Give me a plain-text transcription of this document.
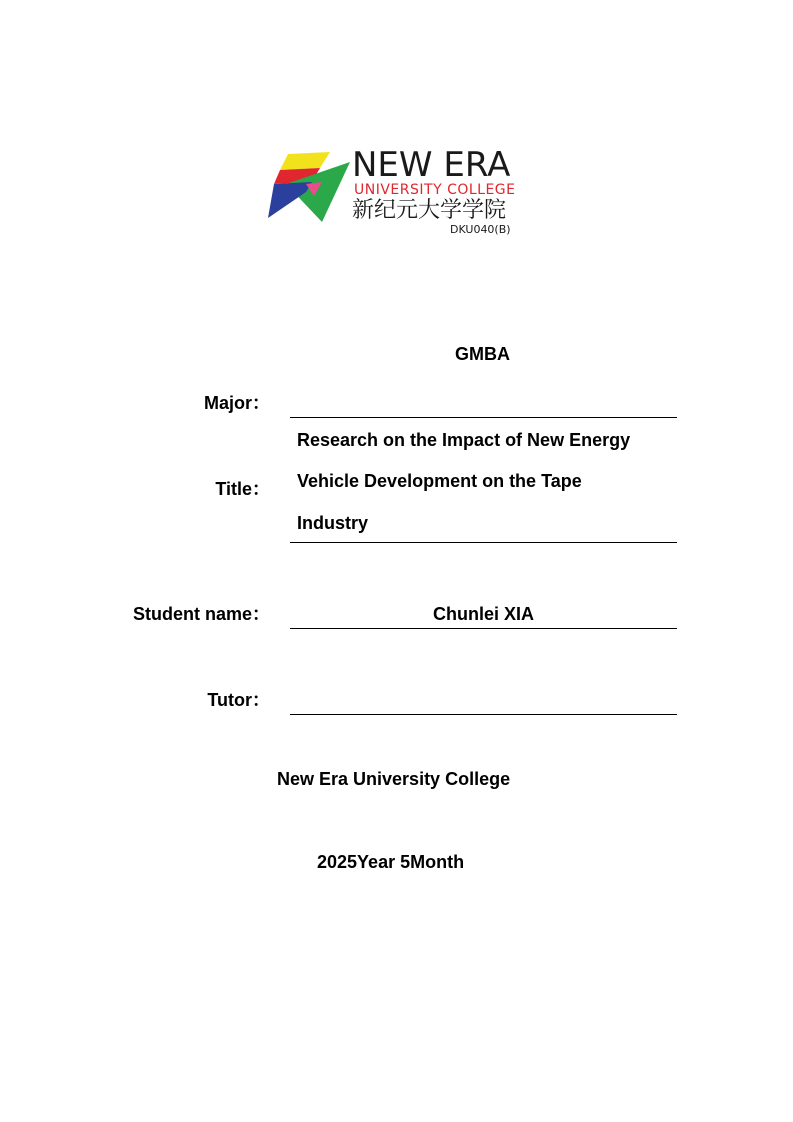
NEW ERA
UNIVERSITY COLLEGE
新纪元大学学院
DKU040(B)
GMBA
Major：
Research on the Impact of New Energy
Title： Vehicle Development on the Tape
Industry
Student name：	Chunlei XIA
Tutor：
New Era University College
2025Year 5Month
